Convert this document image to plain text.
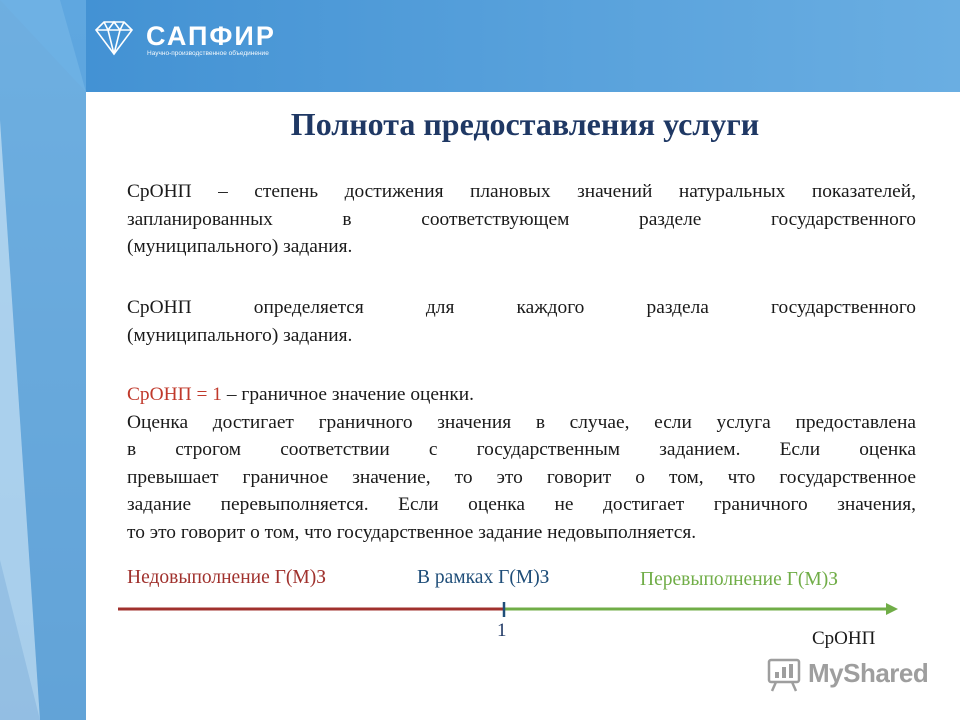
САПФИР
Научно-производственное объединение
Полнота предоставления услуги
СрОНП – степень достижения плановых значений натуральных показателей,
запланированных в соответствующем разделе государственного
(муниципального) задания.
СрОНП определяется для каждого раздела государственного
(муниципального) задания.
СрОНП = 1 – граничное значение оценки.
Оценка достигает граничного значения в случае, если услуга предоставлена
в строгом соответствии с государственным заданием. Если оценка
превышает граничное значение, то это говорит о том, что государственное
задание перевыполняется. Если оценка не достигает граничного значения,
то это говорит о том, что государственное задание недовыполняется.
Недовыполнение Г(М)З	В рамках Г(М)З	Перевыполнение Г(М)З
1	СрОНП
MyShared
